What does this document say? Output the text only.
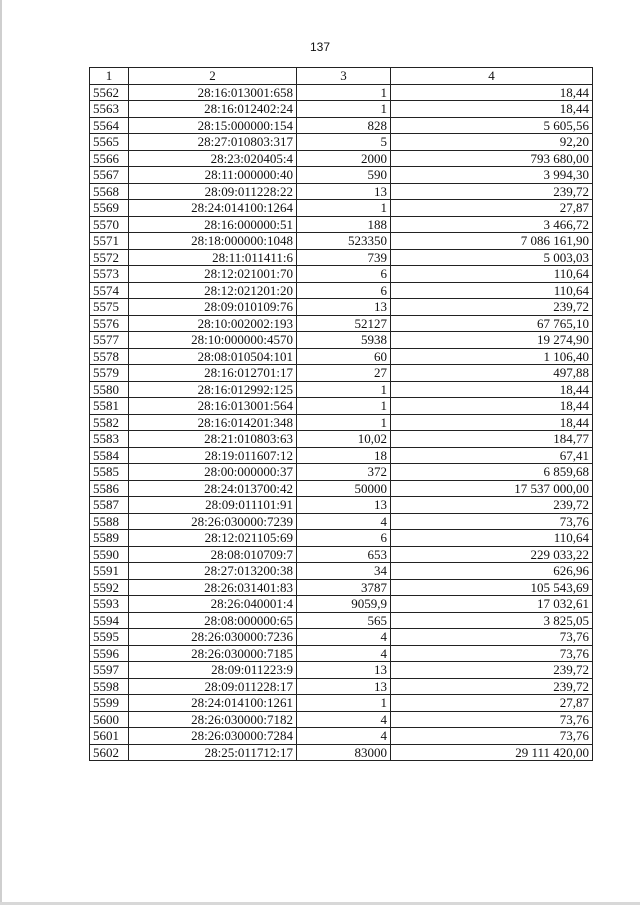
137
1	2	3	4
5562	28:16:013001:658	1	18,44
5563	28:16:012402:24	1	18,44
5564	28:15:000000:154	828	5 605,56
5565	28:27:010803:317	5	92,20
5566	28:23:020405:4	2000	793 680,00
5567	28:11:000000:40	590	3 994,30
5568	28:09:011228:22	13	239,72
5569	28:24:014100:1264	1	27,87
5570	28:16:000000:51	188	3 466,72
5571	28:18:000000:1048	523350	7 086 161,90
5572	28:11:011411:6	739	5 003,03
5573	28:12:021001:70	6	110,64
5574	28:12:021201:20	6	110,64
5575	28:09:010109:76	13	239,72
5576	28:10:002002:193	52127	67 765,10
5577	28:10:000000:4570	5938	19 274,90
5578	28:08:010504:101	60	1 106,40
5579	28:16:012701:17	27	497,88
5580	28:16:012992:125	1	18,44
5581	28:16:013001:564	1	18,44
5582	28:16:014201:348	1	18,44
5583	28:21:010803:63	10,02	184,77
5584	28:19:011607:12	18	67,41
5585	28:00:000000:37	372	6 859,68
5586	28:24:013700:42	50000	17 537 000,00
5587	28:09:011101:91	13	239,72
5588	28:26:030000:7239	4	73,76
5589	28:12:021105:69	6	110,64
5590	28:08:010709:7	653	229 033,22
5591	28:27:013200:38	34	626,96
5592	28:26:031401:83	3787	105 543,69
5593	28:26:040001:4	9059,9	17 032,61
5594	28:08:000000:65	565	3 825,05
5595	28:26:030000:7236	4	73,76
5596	28:26:030000:7185	4	73,76
5597	28:09:011223:9	13	239,72
5598	28:09:011228:17	13	239,72
5599	28:24:014100:1261	1	27,87
5600	28:26:030000:7182	4	73,76
5601	28:26:030000:7284	4	73,76
5602	28:25:011712:17	83000	29 111 420,00
